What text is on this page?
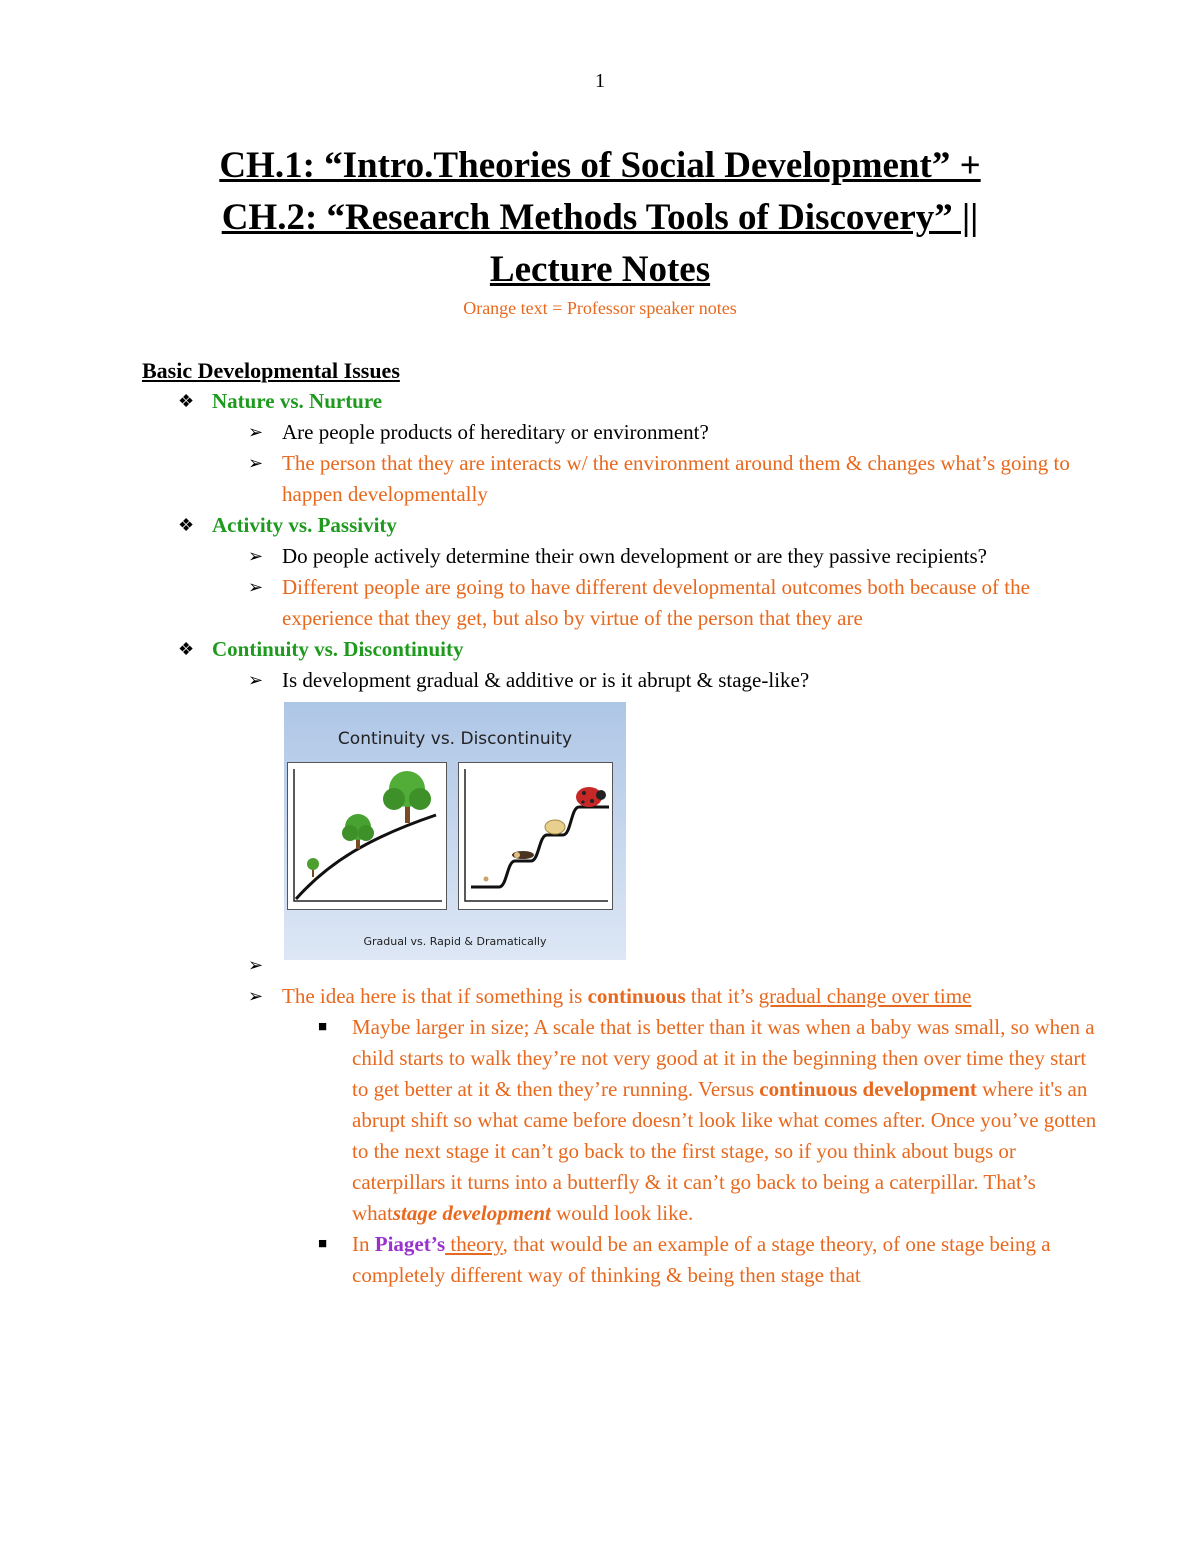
1
CH.1: “Intro.Theories of Social Development” +
CH.2: “Research Methods Tools of Discovery” ||
Lecture Notes
Orange text = Professor speaker notes
Basic Developmental Issues
❖ Nature vs. Nurture
➢ Are people products of hereditary or environment?
➢ The person that they are interacts w/ the environment around them & changes what’s going to happen developmentally
❖ Activity vs. Passivity
➢ Do people actively determine their own development or are they passive recipients?
➢ Different people are going to have different developmental outcomes both because of the experience that they get, but also by virtue of the person that they are
❖ Continuity vs. Discontinuity
➢ Is development gradual & additive or is it abrupt & stage-like?
Continuity vs. Discontinuity
Gradual vs. Rapid & Dramatically
➢

➢ The idea here is that if something is continuous that it’s gradual change over time
■ Maybe larger in size; A scale that is better than it was when a baby was small, so when a child starts to walk they’re not very good at it in the beginning then over time they start to get better at it & then they’re running. Versus continuous development where it's an abrupt shift so what came before doesn’t look like what comes after. Once you’ve gotten to the next stage it can’t go back to the first stage, so if you think about bugs or caterpillars it turns into a butterfly & it can’t go back to being a caterpillar. That’s whatstage development would look like.
■ In Piaget’s theory, that would be an example of a stage theory, of one stage being a completely different way of thinking & being then stage that
